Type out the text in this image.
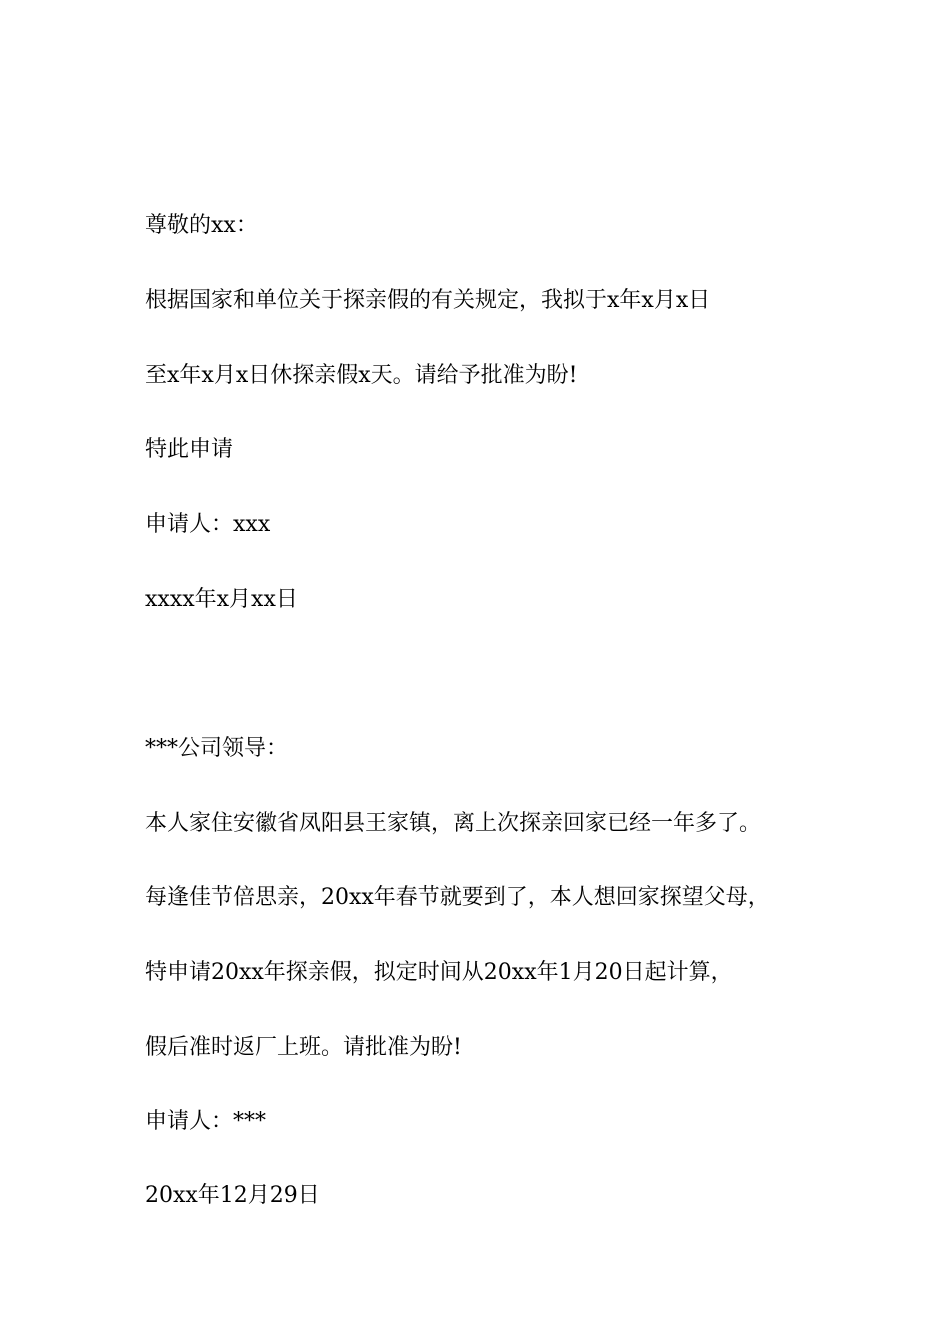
尊敬的xx：
根据国家和单位关于探亲假的有关规定，我拟于x年x月x日
至x年x月x日休探亲假x天。请给予批准为盼!
特此申请
申请人：xxx
xxxx年x月xx日
***公司领导：
本人家住安徽省凤阳县王家镇，离上次探亲回家已经一年多了。
每逢佳节倍思亲，20xx年春节就要到了，本人想回家探望父母，
特申请20xx年探亲假，拟定时间从20xx年1月20日起计算，
假后准时返厂上班。请批准为盼!
申请人：***
20xx年12月29日
